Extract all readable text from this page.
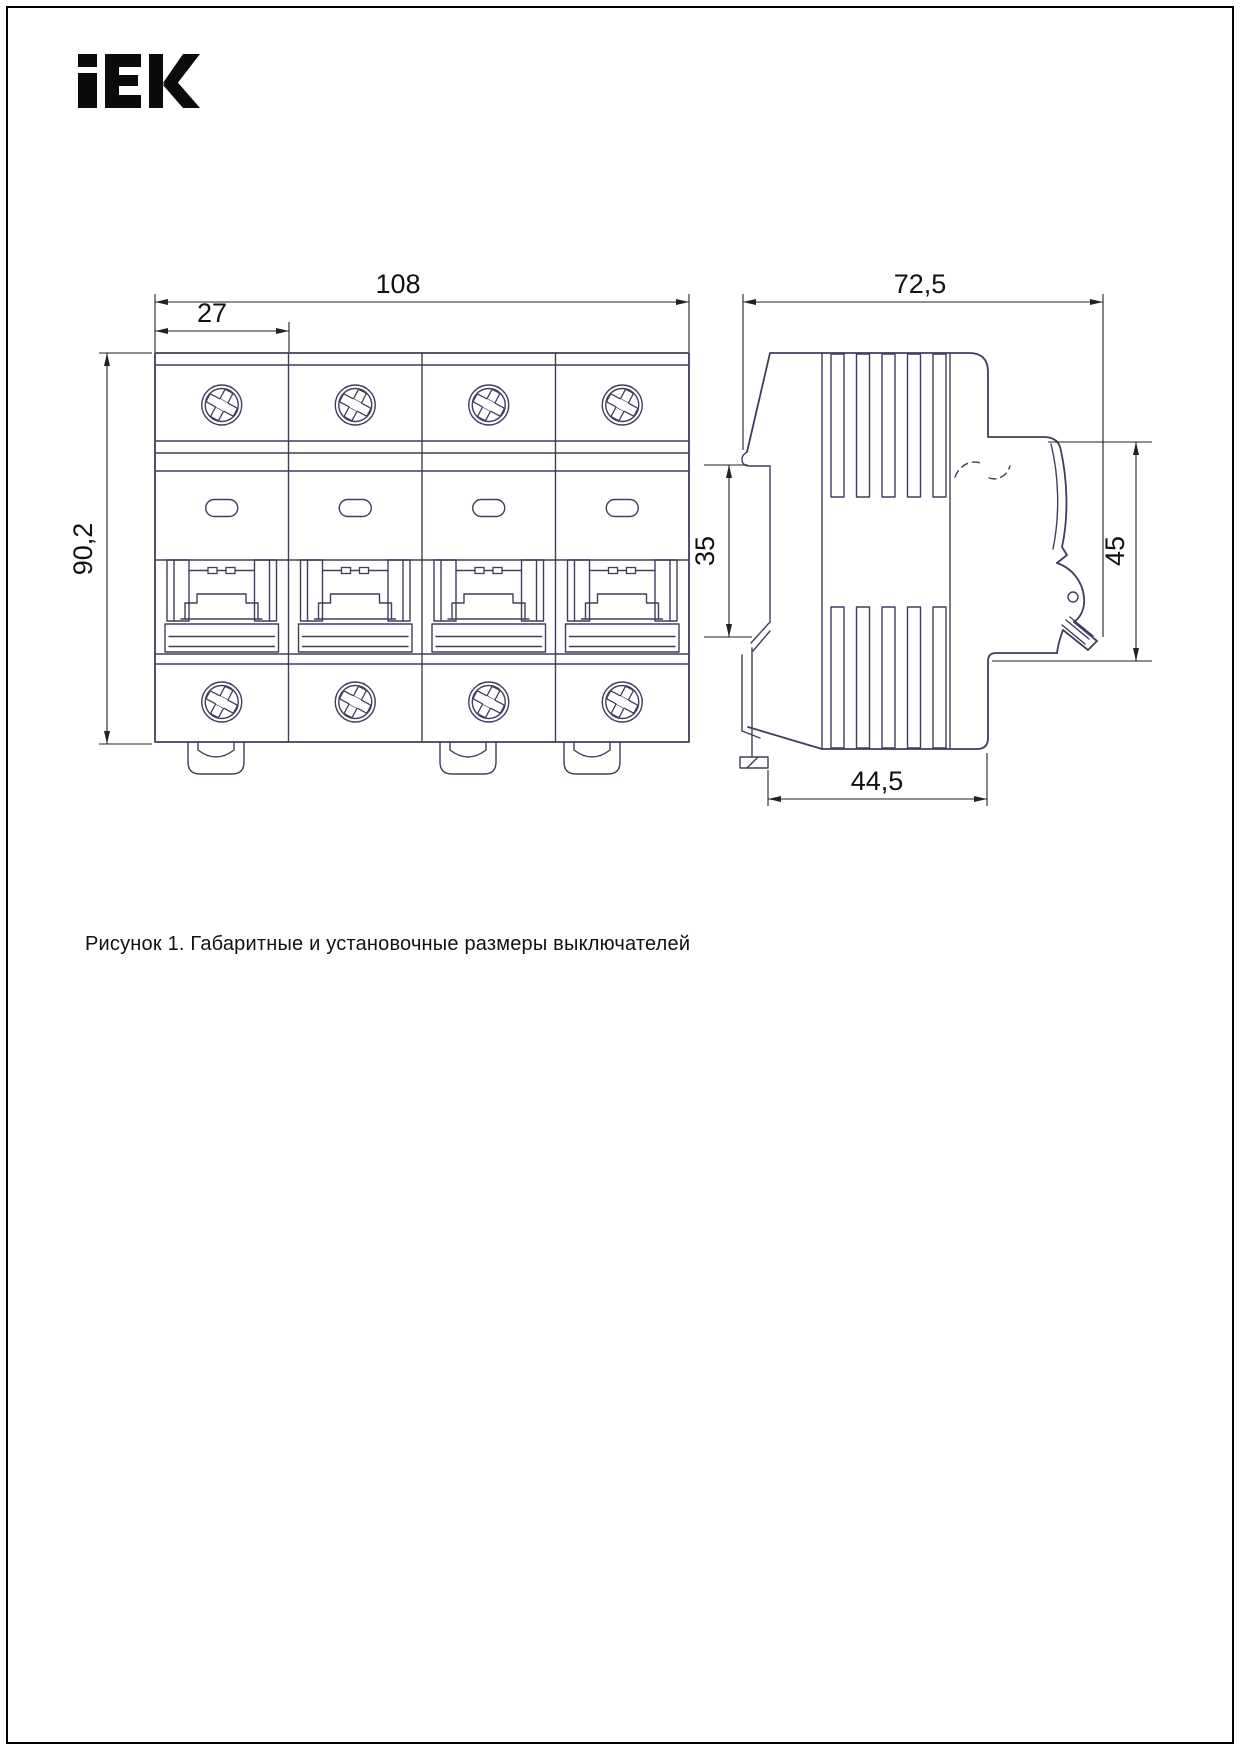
108
27
90,2
72,5
35	45
44,5
Рисунок 1. Габаритные и установочные размеры выключателей
